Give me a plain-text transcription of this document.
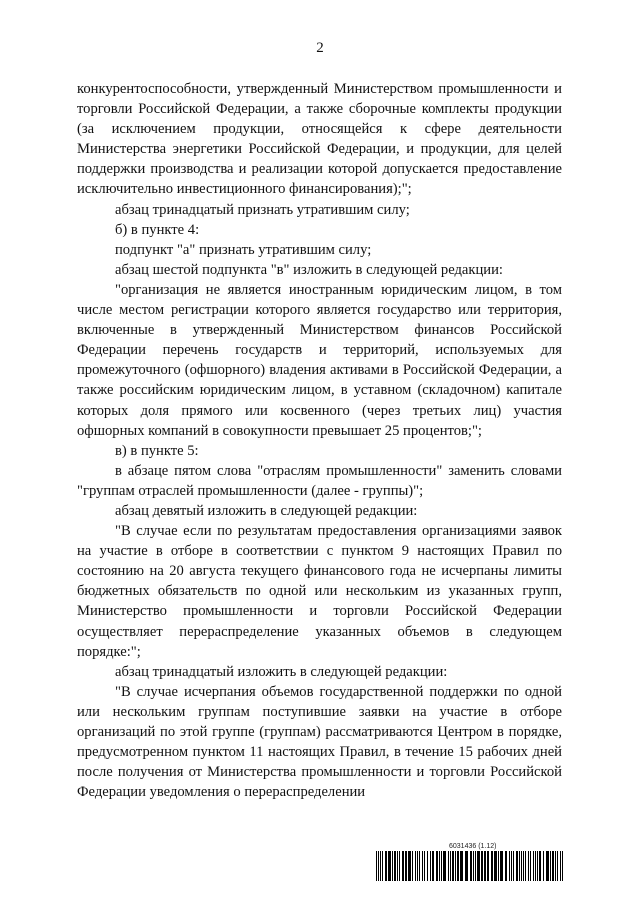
2

конкурентоспособности, утвержденный Министерством промышленности и торговли Российской Федерации, а также сборочные комплекты продукции (за исключением продукции, относящейся к сфере деятельности Министерства энергетики Российской Федерации, и продукции, для целей поддержки производства и реализации которой допускается предоставление исключительно инвестиционного финансирования);";

абзац тринадцатый признать утратившим силу;

б) в пункте 4:

подпункт "а" признать утратившим силу;

абзац шестой подпункта "в" изложить в следующей редакции:

"организация не является иностранным юридическим лицом, в том числе местом регистрации которого является государство или территория, включенные в утвержденный Министерством финансов Российской Федерации перечень государств и территорий, используемых для промежуточного (офшорного) владения активами в Российской Федерации, а также российским юридическим лицом, в уставном (складочном) капитале которых доля прямого или косвенного (через третьих лиц) участия офшорных компаний в совокупности превышает 25 процентов;";

в) в пункте 5:

в абзаце пятом слова "отраслям промышленности" заменить словами "группам отраслей промышленности (далее - группы)";

абзац девятый изложить в следующей редакции:

"В случае если по результатам предоставления организациями заявок на участие в отборе в соответствии с пунктом 9 настоящих Правил по состоянию на 20 августа текущего финансового года не исчерпаны лимиты бюджетных обязательств по одной или нескольким из указанных групп, Министерство промышленности и торговли Российской Федерации осуществляет перераспределение указанных объемов в следующем порядке:";

абзац тринадцатый изложить в следующей редакции:

"В случае исчерпания объемов государственной поддержки по одной или нескольким группам поступившие заявки на участие в отборе организаций по этой группе (группам) рассматриваются Центром в порядке, предусмотренном пунктом 11 настоящих Правил, в течение 15 рабочих дней после получения от Министерства промышленности и торговли Российской Федерации уведомления о перераспределении

6031436 (1.12)
